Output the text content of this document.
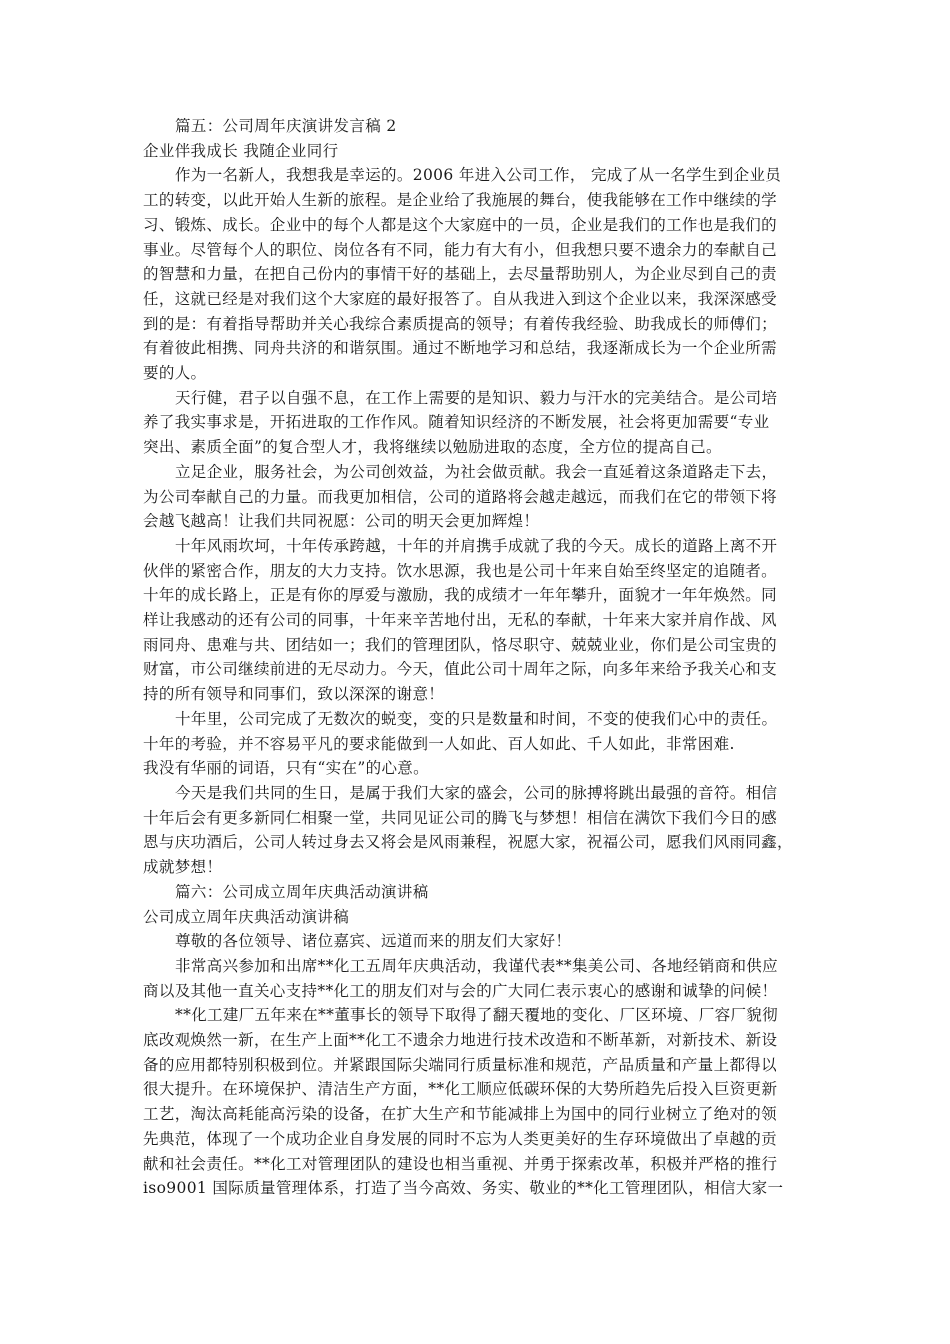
篇五：公司周年庆演讲发言稿 2
企业伴我成长 我随企业同行
作为一名新人，我想我是幸运的。2006 年进入公司工作， 完成了从一名学生到企业员
工的转变，以此开始人生新的旅程。是企业给了我施展的舞台，使我能够在工作中继续的学
习、锻炼、成长。企业中的每个人都是这个大家庭中的一员，企业是我们的工作也是我们的
事业。尽管每个人的职位、岗位各有不同，能力有大有小，但我想只要不遗余力的奉献自己
的智慧和力量，在把自己份内的事情干好的基础上，去尽量帮助别人，为企业尽到自己的责
任，这就已经是对我们这个大家庭的最好报答了。自从我进入到这个企业以来，我深深感受
到的是：有着指导帮助并关心我综合素质提高的领导；有着传我经验、助我成长的师傅们；
有着彼此相携、同舟共济的和谐氛围。通过不断地学习和总结，我逐渐成长为一个企业所需
要的人。
天行健，君子以自强不息，在工作上需要的是知识、毅力与汗水的完美结合。是公司培
养了我实事求是，开拓进取的工作作风。随着知识经济的不断发展，社会将更加需要“专业
突出、素质全面”的复合型人才，我将继续以勉励进取的态度，全方位的提高自己。
立足企业，服务社会，为公司创效益，为社会做贡献。我会一直延着这条道路走下去，
为公司奉献自己的力量。而我更加相信，公司的道路将会越走越远，而我们在它的带领下将
会越飞越高！让我们共同祝愿：公司的明天会更加辉煌！
十年风雨坎坷，十年传承跨越，十年的并肩携手成就了我的今天。成长的道路上离不开
伙伴的紧密合作，朋友的大力支持。饮水思源，我也是公司十年来自始至终坚定的追随者。
十年的成长路上，正是有你的厚爱与激励，我的成绩才一年年攀升，面貌才一年年焕然。同
样让我感动的还有公司的同事，十年来辛苦地付出，无私的奉献，十年来大家并肩作战、风
雨同舟、患难与共、团结如一；我们的管理团队，恪尽职守、兢兢业业，你们是公司宝贵的
财富，市公司继续前进的无尽动力。今天，值此公司十周年之际，向多年来给予我关心和支
持的所有领导和同事们，致以深深的谢意！
十年里，公司完成了无数次的蜕变，变的只是数量和时间，不变的使我们心中的责任。
十年的考验，并不容易平凡的要求能做到一人如此、百人如此、千人如此，非常困难.
我没有华丽的词语，只有“实在”的心意。
今天是我们共同的生日，是属于我们大家的盛会，公司的脉搏将跳出最强的音符。相信
十年后会有更多新同仁相聚一堂，共同见证公司的腾飞与梦想！相信在满饮下我们今日的感
恩与庆功酒后，公司人转过身去又将会是风雨兼程，祝愿大家，祝福公司，愿我们风雨同鑫，
成就梦想！
篇六：公司成立周年庆典活动演讲稿
公司成立周年庆典活动演讲稿
尊敬的各位领导、诸位嘉宾、远道而来的朋友们大家好！
非常高兴参加和出席**化工五周年庆典活动，我谨代表**集美公司、各地经销商和供应
商以及其他一直关心支持**化工的朋友们对与会的广大同仁表示衷心的感谢和诚挚的问候！
**化工建厂五年来在**董事长的领导下取得了翻天覆地的变化、厂区环境、厂容厂貌彻
底改观焕然一新，在生产上面**化工不遗余力地进行技术改造和不断革新，对新技术、新设
备的应用都特别积极到位。并紧跟国际尖端同行质量标准和规范，产品质量和产量上都得以
很大提升。在环境保护、清洁生产方面，**化工顺应低碳环保的大势所趋先后投入巨资更新
工艺，淘汰高耗能高污染的设备，在扩大生产和节能减排上为国中的同行业树立了绝对的领
先典范，体现了一个成功企业自身发展的同时不忘为人类更美好的生存环境做出了卓越的贡
献和社会责任。**化工对管理团队的建设也相当重视、并勇于探索改革，积极并严格的推行
iso9001 国际质量管理体系，打造了当今高效、务实、敬业的**化工管理团队，相信大家一
